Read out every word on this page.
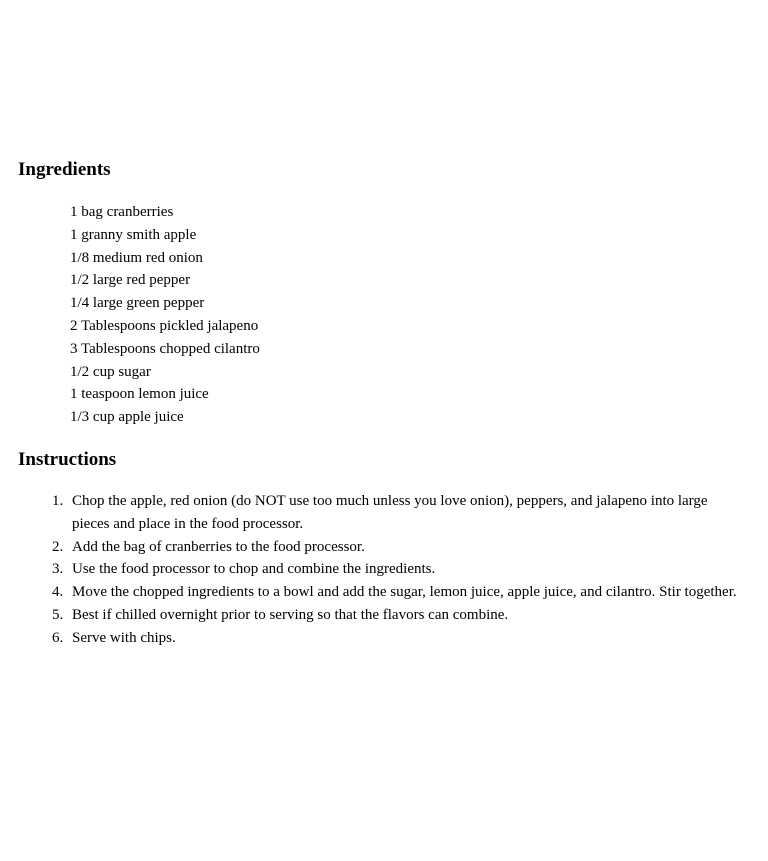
Ingredients
1 bag cranberries
1 granny smith apple
1/8 medium red onion
1/2 large red pepper
1/4 large green pepper
2 Tablespoons pickled jalapeno
3 Tablespoons chopped cilantro
1/2 cup sugar
1 teaspoon lemon juice
1/3 cup apple juice
Instructions
1. Chop the apple, red onion (do NOT use too much unless you love onion), peppers, and jalapeno into large pieces and place in the food processor.
2. Add the bag of cranberries to the food processor.
3. Use the food processor to chop and combine the ingredients.
4. Move the chopped ingredients to a bowl and add the sugar, lemon juice, apple juice, and cilantro. Stir together.
5. Best if chilled overnight prior to serving so that the flavors can combine.
6. Serve with chips.
